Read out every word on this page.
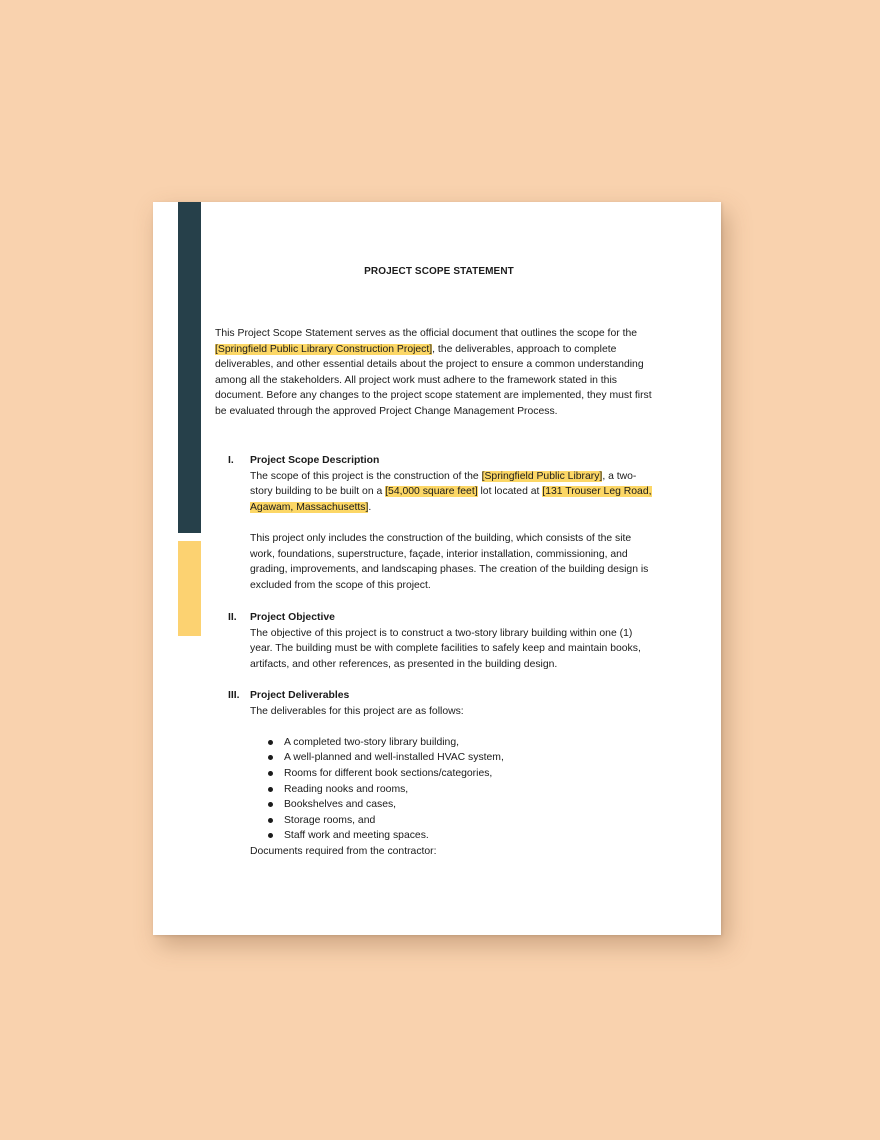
PROJECT SCOPE STATEMENT

This Project Scope Statement serves as the official document that outlines the scope for the [Springfield Public Library Construction Project], the deliverables, approach to complete deliverables, and other essential details about the project to ensure a common understanding among all the stakeholders. All project work must adhere to the framework stated in this document. Before any changes to the project scope statement are implemented, they must first be evaluated through the approved Project Change Management Process.

I.	Project Scope Description

The scope of this project is the construction of the [Springfield Public Library], a two-story building to be built on a [54,000 square feet] lot located at [131 Trouser Leg Road, Agawam, Massachusetts].

This project only includes the construction of the building, which consists of the site work, foundations, superstructure, façade, interior installation, commissioning, and grading, improvements, and landscaping phases. The creation of the building design is excluded from the scope of this project.

II.	Project Objective

The objective of this project is to construct a two-story library building within one (1) year. The building must be with complete facilities to safely keep and maintain books, artifacts, and other references, as presented in the building design.

III.	Project Deliverables

The deliverables for this project are as follows:

A completed two-story library building,
A well-planned and well-installed HVAC system,
Rooms for different book sections/categories,
Reading nooks and rooms,
Bookshelves and cases,
Storage rooms, and
Staff work and meeting spaces.

Documents required from the contractor:
